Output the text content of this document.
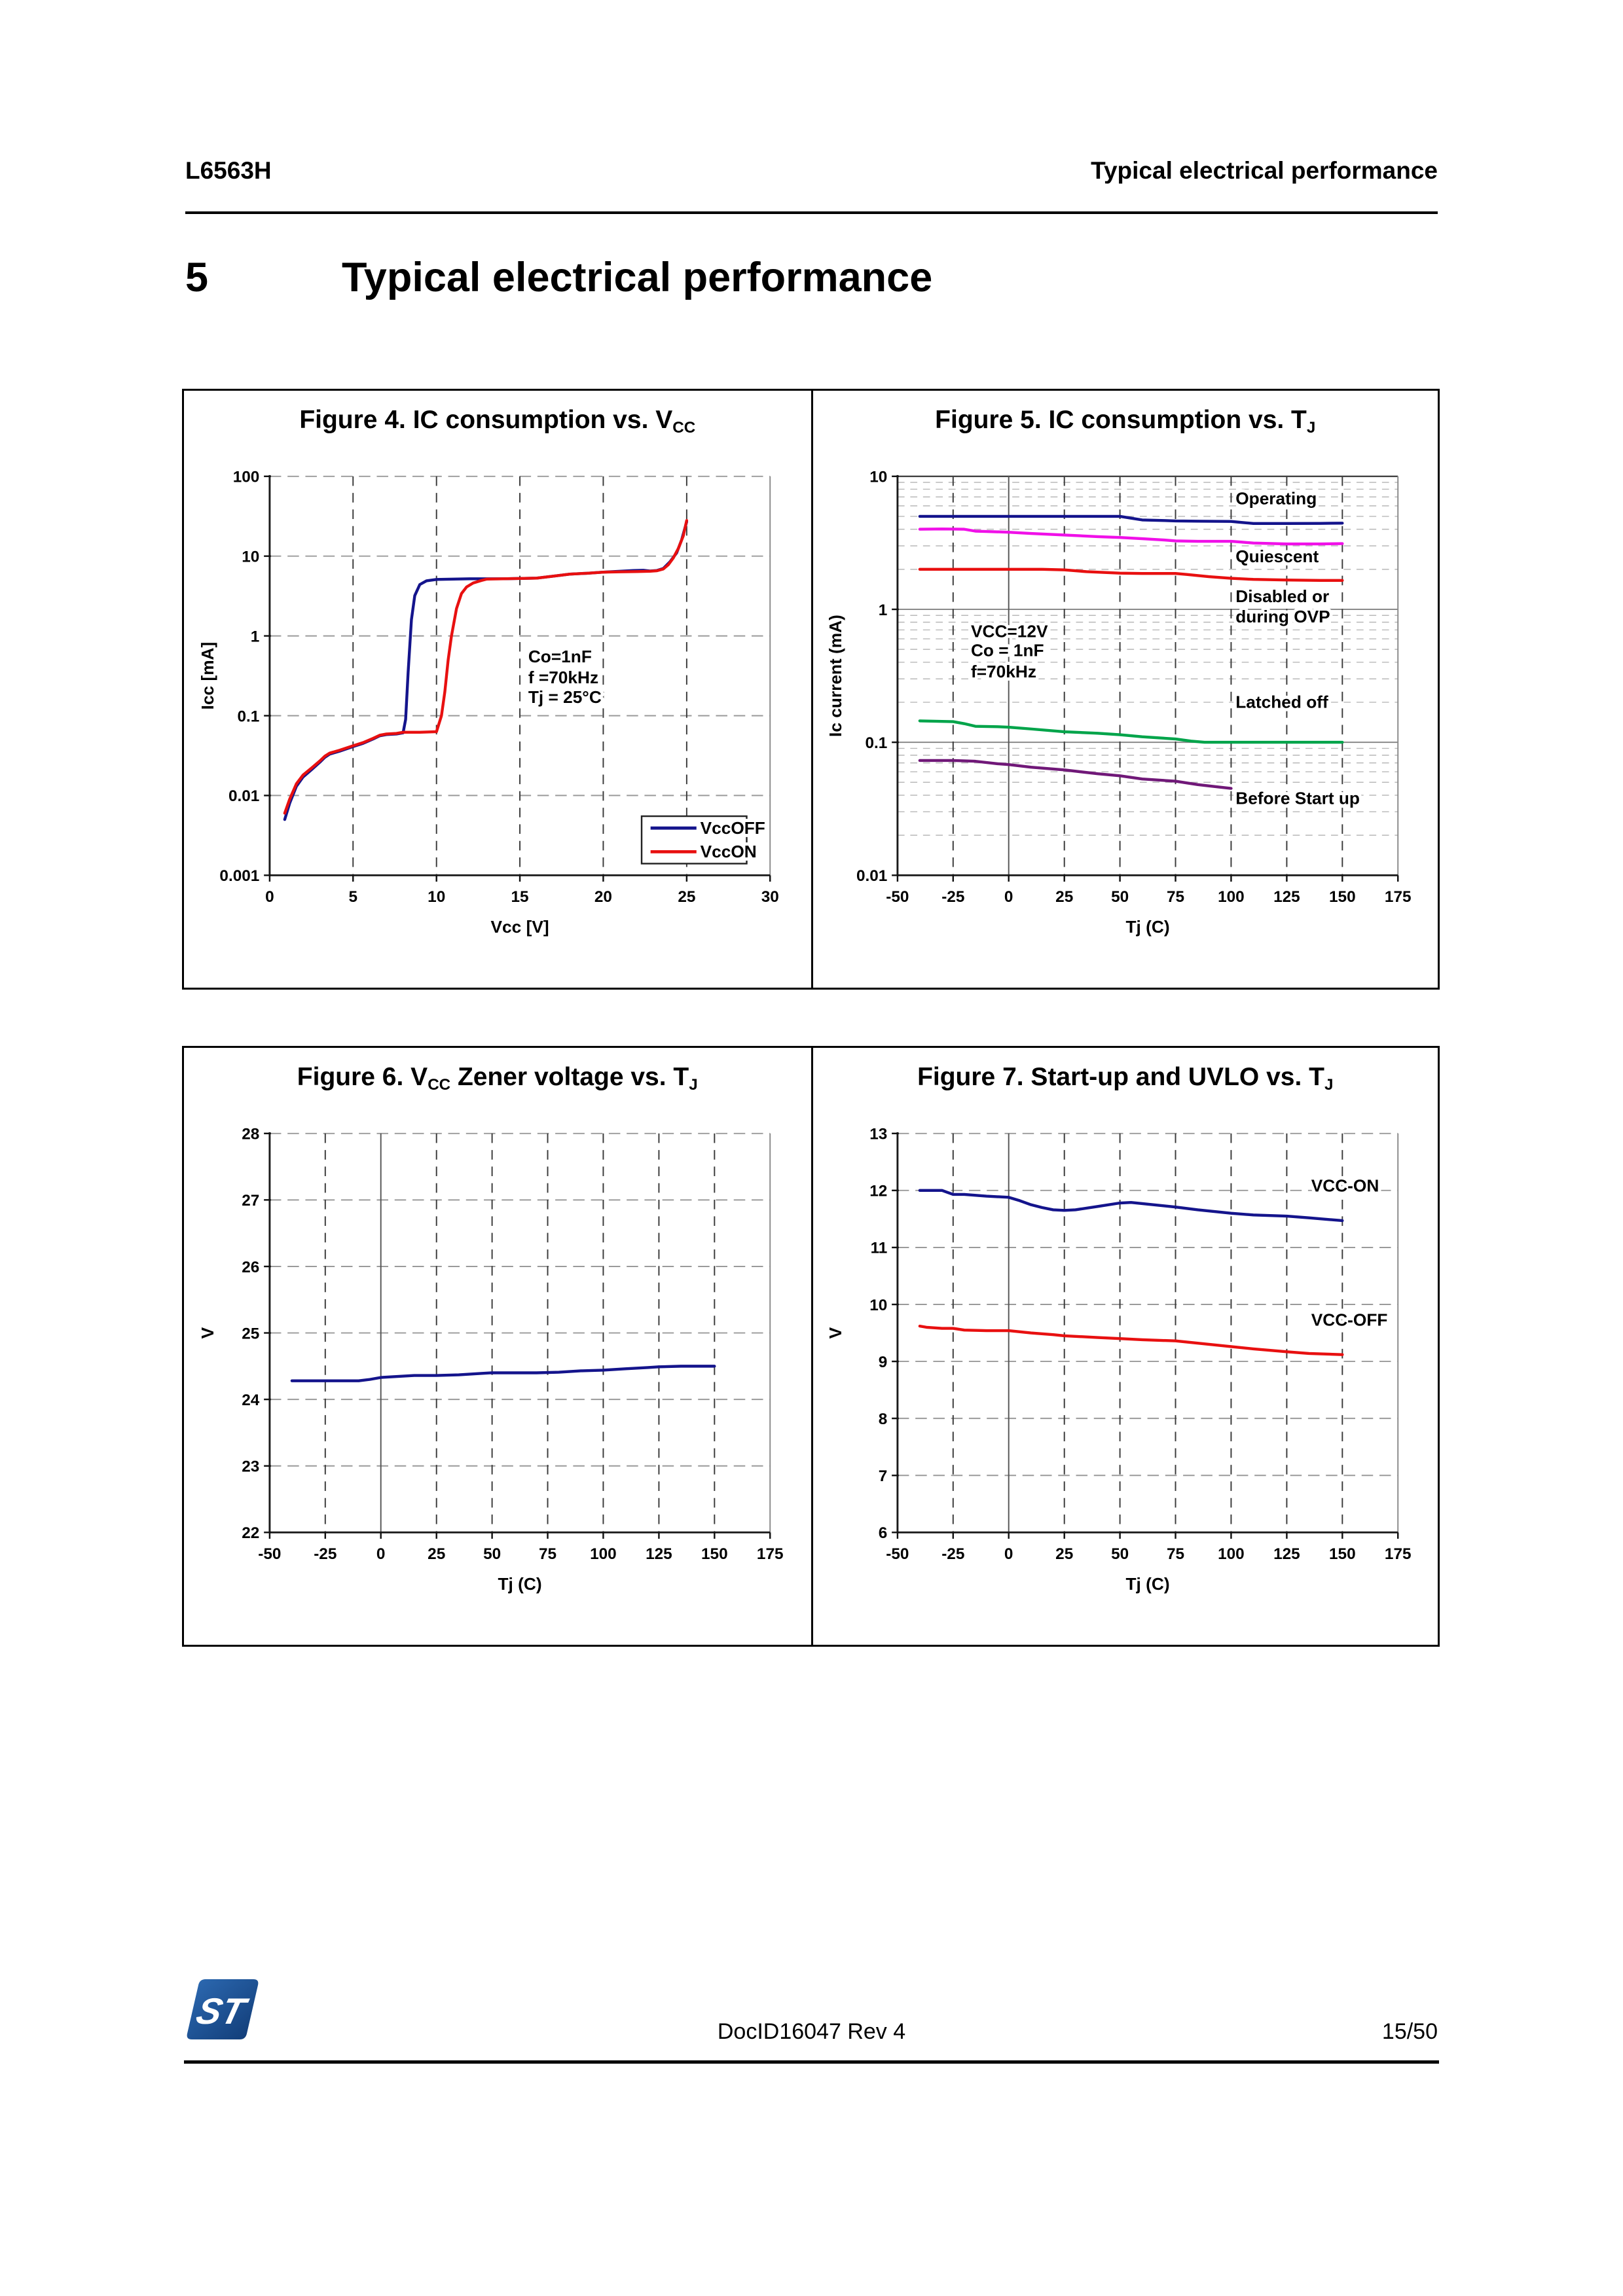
L6563H	Typical electrical performance
5	Typical electrical performance
Figure 4. IC consumption vs. $V_{CC}$
0	5	10	15	20	25	30
100
10
1
0.1
0.01
0.001
Vcc [V]
Icc [mA]	Co=1nF
f =70kHz
Tj = 25°C
VccOFF
VccON
Figure 5. IC consumption vs. $T_J$
-50 -25 0	25 50 75 100 125 150 175
10
1
0.1
0.01
Tj (C)
Ic current (mA)	VCC=12V
Co = 1nF
f=70kHz
Operating
Quiescent
Disabled or
during OVP
Latched off
Before Start up
Figure 6. $V_{CC}$ Zener voltage vs. $T_J$
-50 -25 0	25 50 75 100 125 150 175
28
27
26
25
24
23
22
Tj (C)
V
Figure 7. Start-up and UVLO vs. $T_J$
-50 -25 0	25 50 75 100 125 150 175
13
12
11
10
9
8
7
6
Tj (C)
V
VCC-ON
VCC-OFF
ST	DocID16047 Rev 4	15/50
